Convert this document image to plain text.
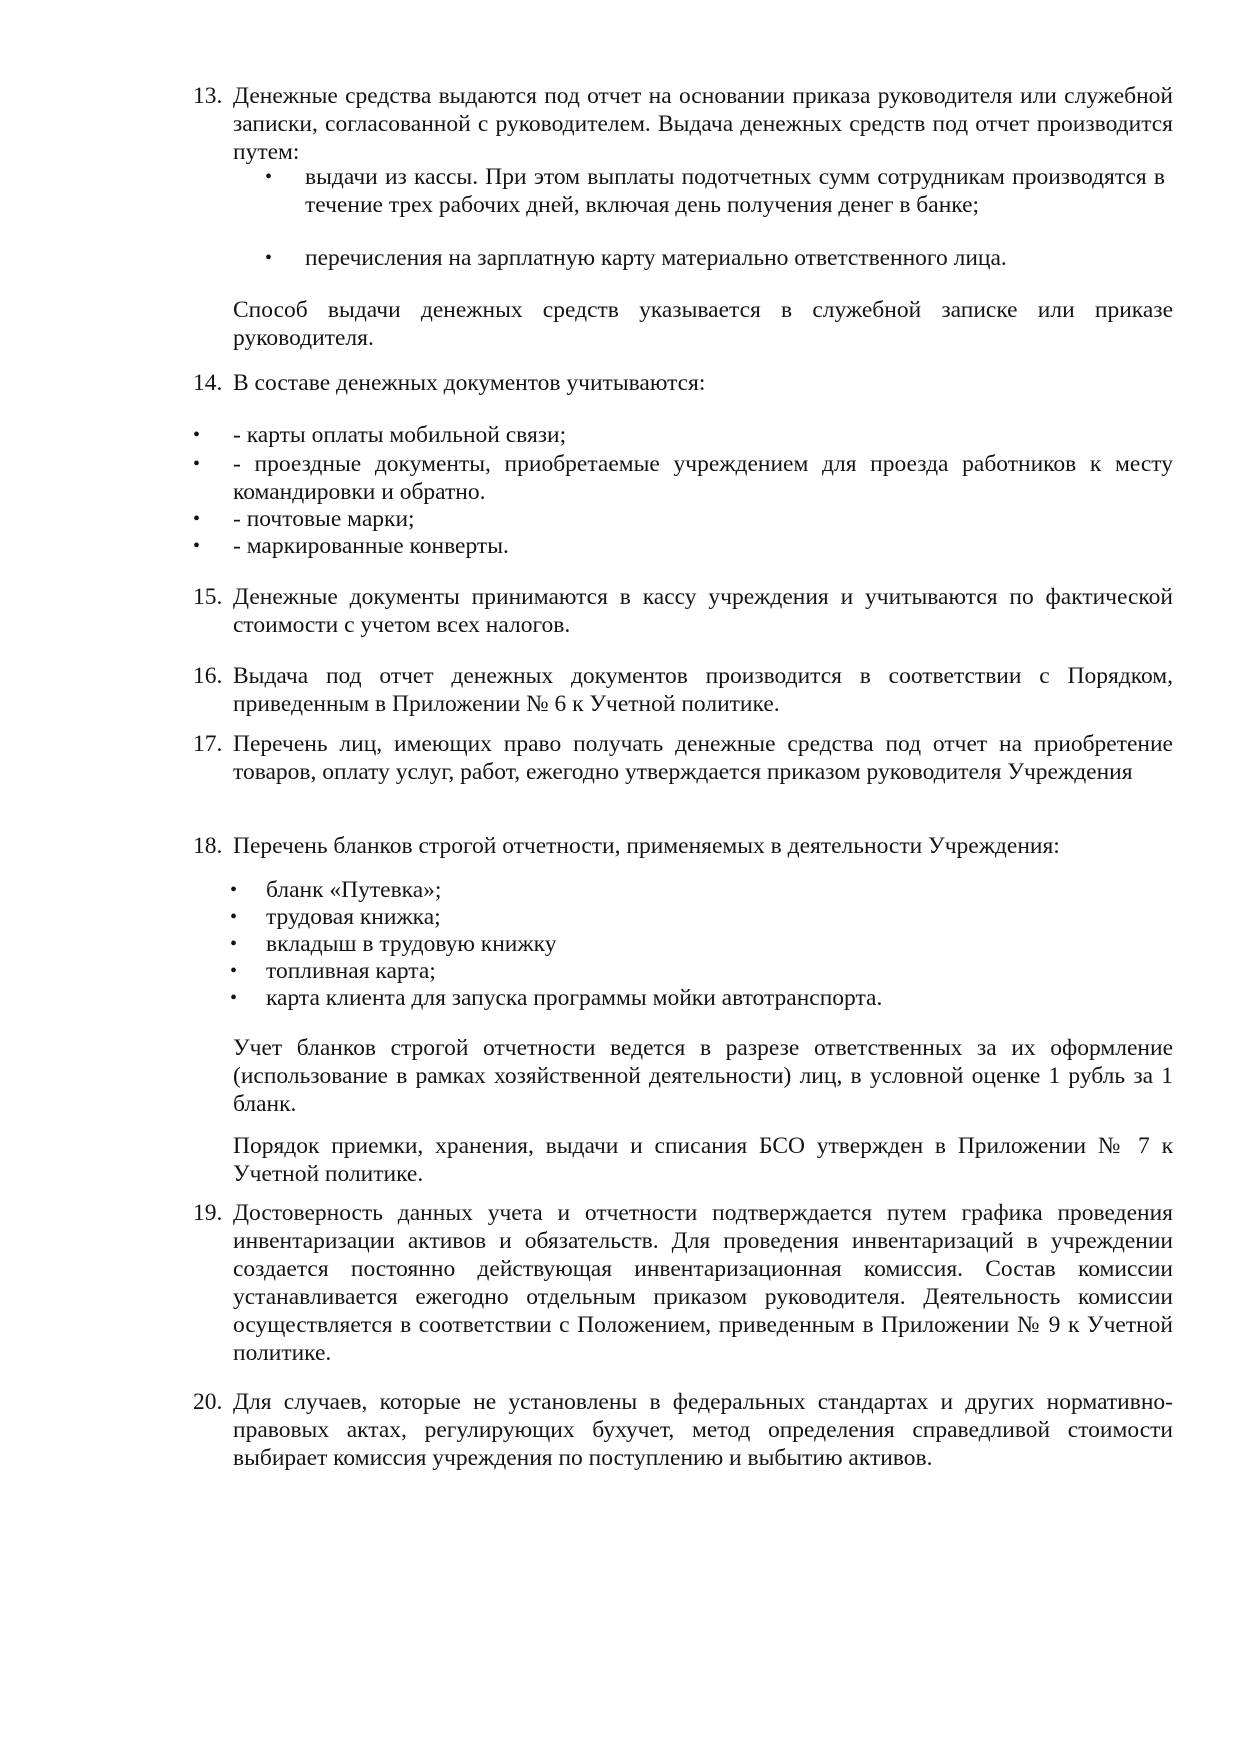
13. Денежные средства выдаются под отчет на основании приказа руководителя или служебной записки, согласованной с руководителем. Выдача денежных средств под отчет производится путем:
•	выдачи из кассы. При этом выплаты подотчетных сумм сотрудникам производятся в течение трех рабочих дней, включая день получения денег в банке;
•	перечисления на зарплатную карту материально ответственного лица.
Способ выдачи денежных средств указывается в служебной записке или приказе руководителя.
14. В составе денежных документов учитываются:
•	- карты оплаты мобильной связи;
•	- проездные документы, приобретаемые учреждением для проезда работников к месту командировки и обратно.
•	- почтовые марки;
•	- маркированные конверты.
15. Денежные документы принимаются в кассу учреждения и учитываются по фактической стоимости с учетом всех налогов.
16. Выдача под отчет денежных документов производится в соответствии с Порядком, приведенным в Приложении № 6 к Учетной политике.
17. Перечень лиц, имеющих право получать денежные средства под отчет на приобретение товаров, оплату услуг, работ, ежегодно утверждается приказом руководителя Учреждения
18. Перечень бланков строгой отчетности, применяемых в деятельности Учреждения:
•	бланк «Путевка»;
•	трудовая книжка;
•	вкладыш в трудовую книжку
•	топливная карта;
•	карта клиента для запуска программы мойки автотранспорта.
Учет бланков строгой отчетности ведется в разрезе ответственных за их оформление (использование в рамках хозяйственной деятельности) лиц, в условной оценке 1 рубль за 1 бланк.
Порядок приемки, хранения, выдачи и списания БСО утвержден в Приложении № 7 к Учетной политике.
19. Достоверность данных учета и отчетности подтверждается путем графика проведения инвентаризации активов и обязательств. Для проведения инвентаризаций в учреждении создается постоянно действующая инвентаризационная комиссия. Состав комиссии устанавливается ежегодно отдельным приказом руководителя. Деятельность комиссии осуществляется в соответствии с Положением, приведенным в Приложении № 9 к Учетной политике.
20. Для случаев, которые не установлены в федеральных стандартах и других нормативно-правовых актах, регулирующих бухучет, метод определения справедливой стоимости выбирает комиссия учреждения по поступлению и выбытию активов.
